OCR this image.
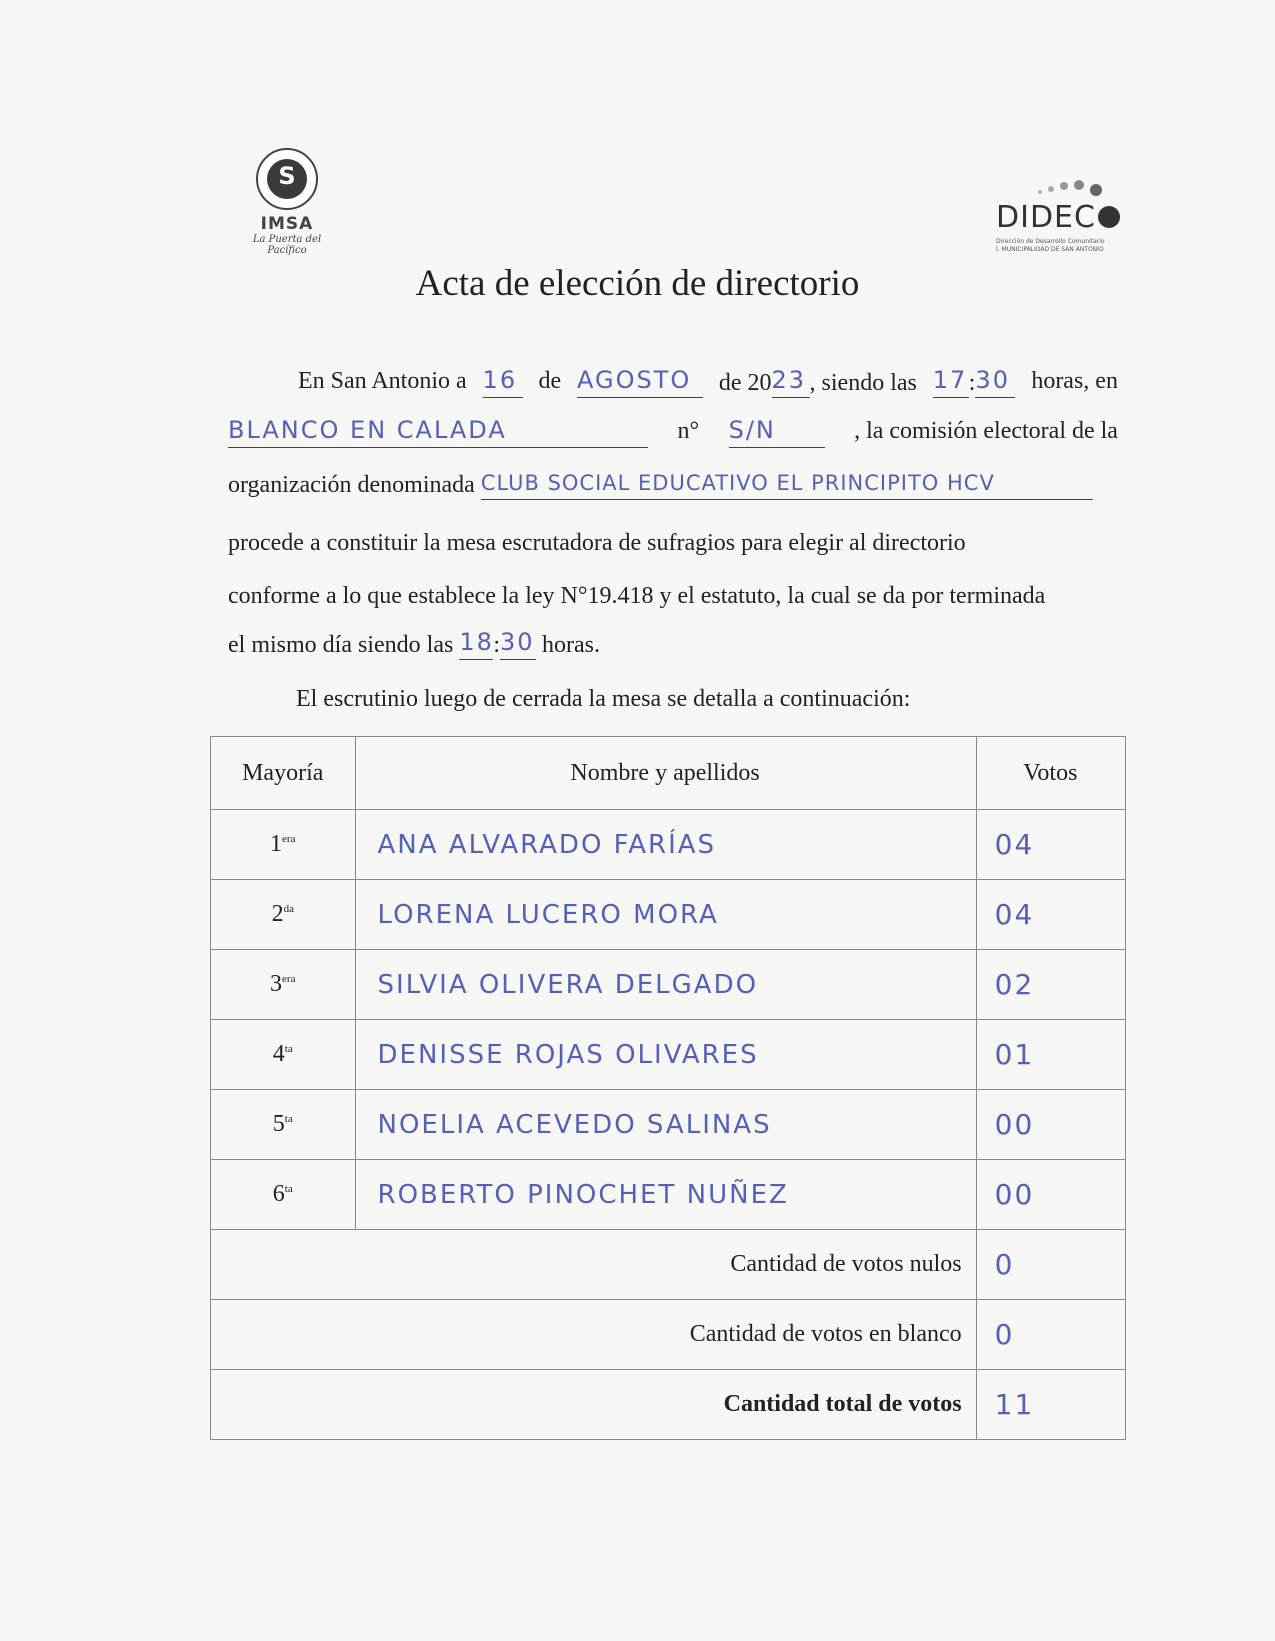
S
IMSA
La Puerta del Pacífico
DIDEC
Dirección de Desarrollo Comunitario
I. MUNICIPALIDAD DE SAN ANTONIO
Acta de elección de directorio
En San Antonio a 16 de AGOSTO	de 2023 , siendo las 17:30 horas, en
BLANCO EN CALADA	n° S/N	, la comisión electoral de la
organización denominada CLUB SOCIAL EDUCATIVO EL PRINCIPITO HCV
procede a constituir la mesa escrutadora de sufragios para elegir al directorio
conforme a lo que establece la ley N°19.418 y el estatuto, la cual se da por terminada
el mismo día siendo las 18:30 horas.
El escrutinio luego de cerrada la mesa se detalla a continuación:
Mayoría	Nombre y apellidos	Votos
$1^{era}$	ANA ALVARADO FARÍAS	04
$2^{da}$	LORENA LUCERO MORA	04
$3^{era}$	SILVIA OLIVERA DELGADO	02
$4^{ta}$	DENISSE ROJAS OLIVARES	01
$5^{ta}$	NOELIA ACEVEDO SALINAS	00
$6^{ta}$	ROBERTO PINOCHET NUÑEZ	00
Cantidad de votos nulos		0
Cantidad de votos en blanco		0
Cantidad total de votos		11
